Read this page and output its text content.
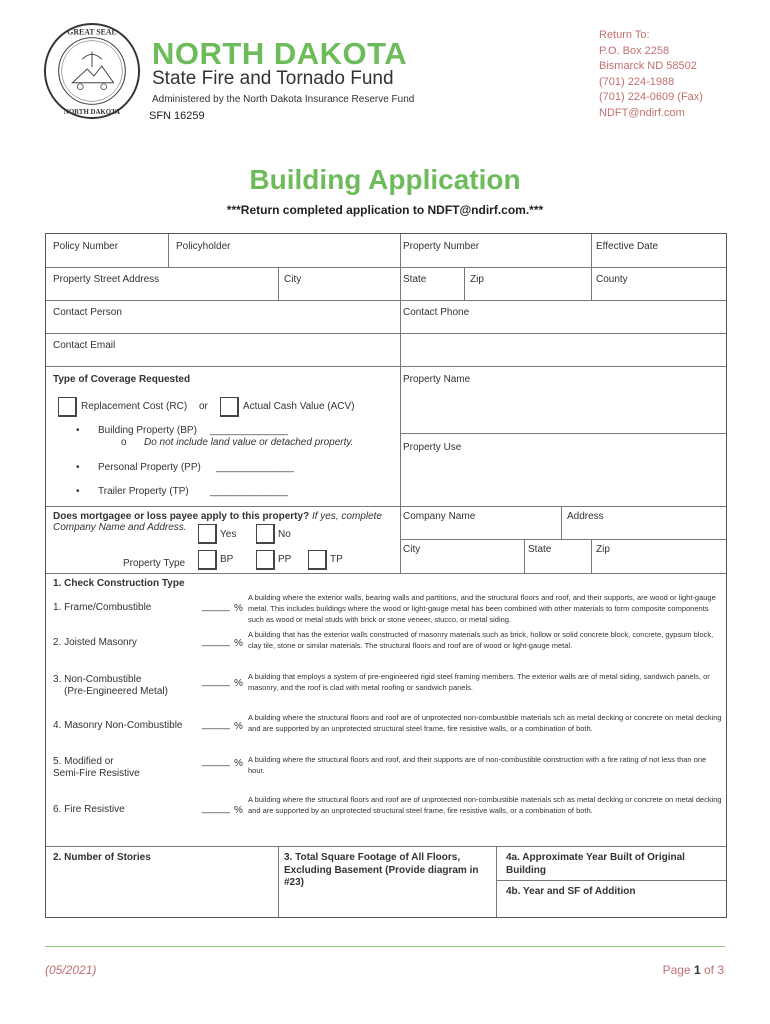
GREAT SEAL
NORTH DAKOTA
NORTH DAKOTA
State Fire and Tornado Fund
Administered by the North Dakota Insurance Reserve Fund
SFN 16259
Return To:
P.O. Box 2258
Bismarck ND 58502
(701) 224-1988
(701) 224-0609 (Fax)
NDFT@ndirf.com
Building Application
***Return completed application to NDFT@ndirf.com.***
Policy Number	Policyholder	Property Number	Effective Date
Property Street Address	City	State	Zip	County
Contact Person	Contact Phone
Contact Email
Type of Coverage Requested
Replacement Cost (RC) or	Actual Cash Value (ACV)
• Building Property (BP) ______________
o Do not include land value or detached property.
• Personal Property (PP) ______________
• Trailer Property (TP) ______________
Property Name
Property Use
Does mortgagee or loss payee apply to this property? If yes, complete
Company Name and Address.
Yes	No
Property Type	BP	PP	TP
Company Name	Address
City	State	Zip
1. Check Construction Type
1. Frame/Combustible	_____ %
A building where the exterior walls, bearing walls and partitions, and the structural floors and roof, and their supports, are wood or light-gauge metal. This includes buildings where the wood or light-gauge metal has been combined with other materials to form composite components such as wood or metal studs with brick or stone veneer, stucco, or metal siding.
2. Joisted Masonry	_____ %
A building that has the exterior walls constructed of masonry materials such as brick, hollow or solid concrete block, concrete, gypsum block, clay tile, stone or similar materials. The structural floors and roof are of wood or light-gauge metal.
3. Non-Combustible
(Pre-Engineered Metal)
_____ %
A building that employs a system of pre-engineered rigid steel framing members. The exterior walls are of metal siding, sandwich panels, or masonry, and the roof is clad with metal roofing or sandwich panels.
4. Masonry Non-Combustible _____ %
A building where the structural floors and roof are of unprotected non-combustible materials sch as metal decking or concrete on metal decking and are supported by an unprotected structural steel frame, fire resistive walls, or a combination of both.
5. Modified or
Semi-Fire Resistive
_____ % A building where the structural floors and roof, and their supports are of non-combustible construction with a fire rating of not less than one hour.
6. Fire Resistive	_____ %
A building where the structural floors and roof are of unprotected non-combustible materials sch as metal decking or concrete on metal decking and are supported by an unprotected structural steel frame, fire resistive walls, or a combination of both.
2. Number of Stories	3. Total Square Footage of All Floors, Excluding Basement (Provide diagram in #23)
4a. Approximate Year Built of Original Building
4b. Year and SF of Addition
(05/2021)	Page 1 of 3
